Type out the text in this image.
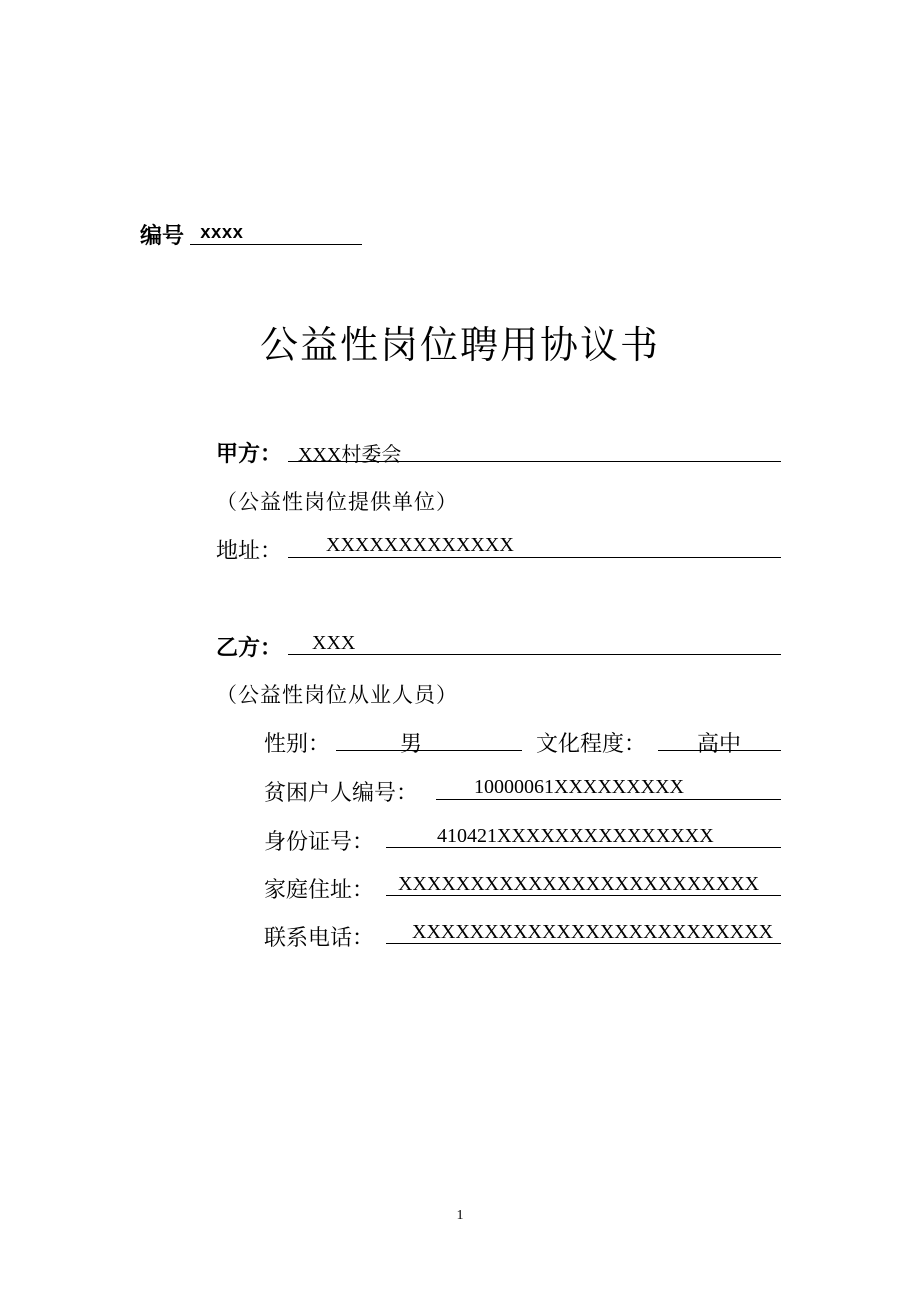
编号 xxxx
公益性岗位聘用协议书
甲方： XXX村委会
（公益性岗位提供单位）
地址： XXXXXXXXXXXXX
乙方： XXX
（公益性岗位从业人员）
性别：	男	文化程度： 高中
贫困户人编号：	10000061XXXXXXXXX
身份证号：	410421XXXXXXXXXXXXXXX
家庭住址： XXXXXXXXXXXXXXXXXXXXXXXXX
联系电话： XXXXXXXXXXXXXXXXXXXXXXXXX
1
